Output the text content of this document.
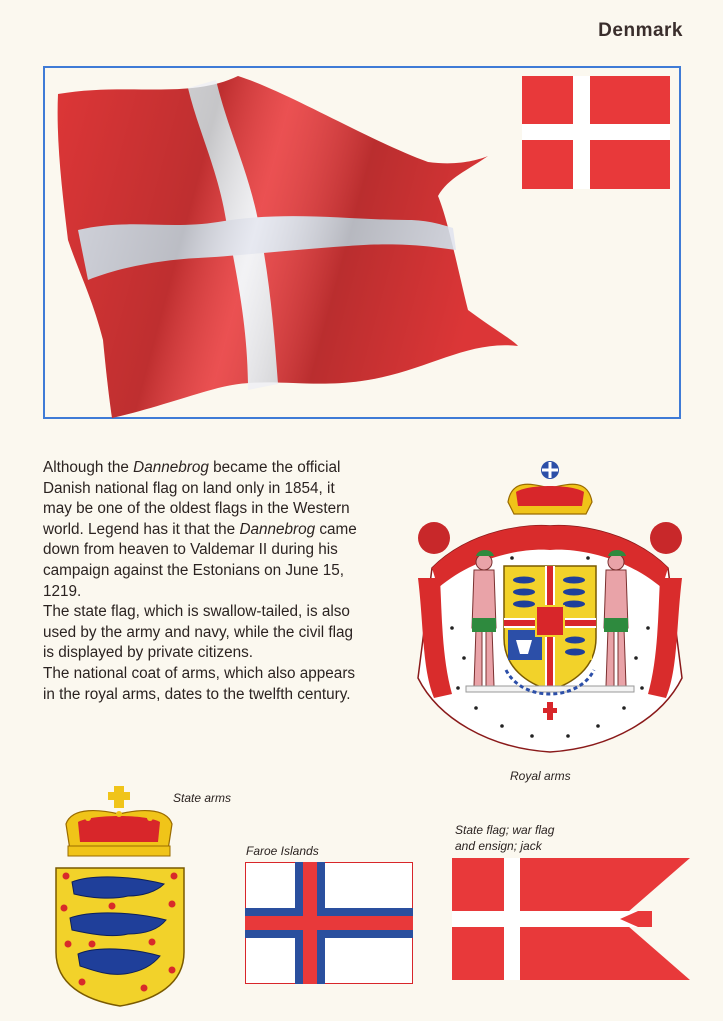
Denmark

Although the Dannebrog became the official Danish national flag on land only in 1854, it may be one of the oldest flags in the Western world. Legend has it that the Dannebrog came down from heaven to Valdemar II during his campaign against the Estonians on June 15, 1219.

The state flag, which is swallow-tailed, is also used by the army and navy, while the civil flag is displayed by private citizens.

The national coat of arms, which also appears in the royal arms, dates to the twelfth century.

Royal arms
State arms
Faroe Islands
State flag; war flag
and ensign; jack
